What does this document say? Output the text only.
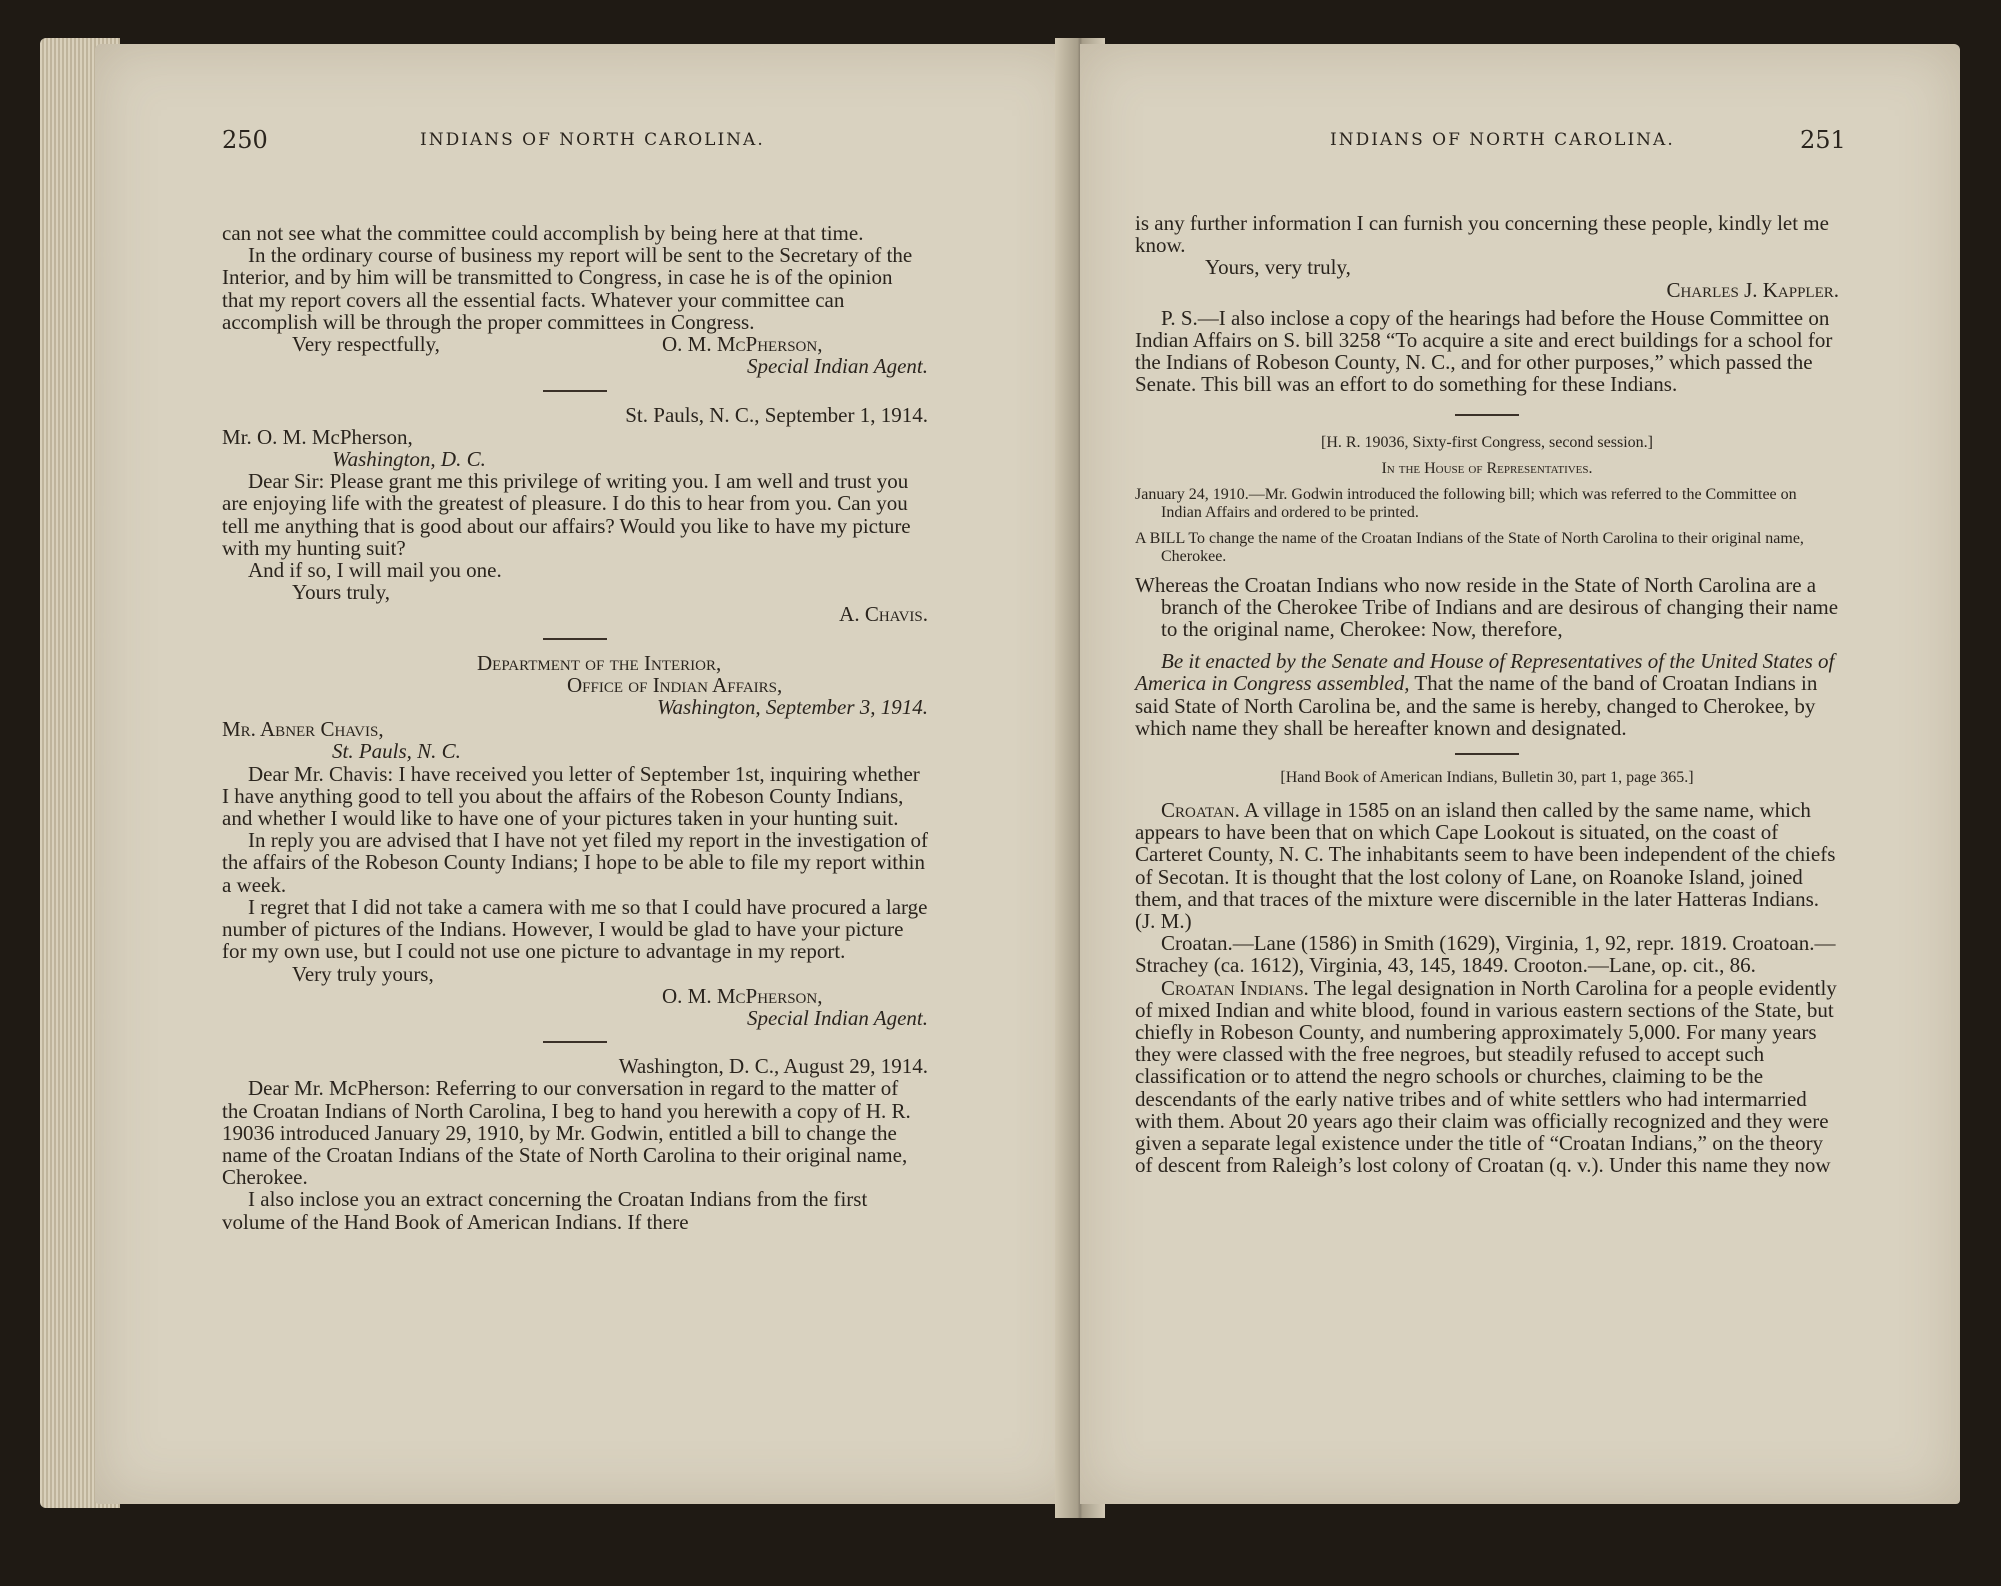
250	INDIANS OF NORTH CAROLINA.

can not see what the committee could accomplish by being here at that time.

In the ordinary course of business my report will be sent to the Secretary of the Interior, and by him will be transmitted to Congress, in case he is of the opinion that my report covers all the essential facts. Whatever your committee can accomplish will be through the proper committees in Congress.

Very respectfully,	O. M. McPherson,

Special Indian Agent.

St. Pauls, N. C., September 1, 1914.

Mr. O. M. McPherson,

Washington, D. C.

Dear Sir: Please grant me this privilege of writing you. I am well and trust you are enjoying life with the greatest of pleasure. I do this to hear from you. Can you tell me anything that is good about our affairs? Would you like to have my picture with my hunting suit?

And if so, I will mail you one.

Yours truly,

A. Chavis.

Department of the Interior,

Office of Indian Affairs,

Washington, September 3, 1914.

Mr. Abner Chavis,

St. Pauls, N. C.

Dear Mr. Chavis: I have received you letter of September 1st, inquiring whether I have anything good to tell you about the affairs of the Robeson County Indians, and whether I would like to have one of your pictures taken in your hunting suit.

In reply you are advised that I have not yet filed my report in the investigation of the affairs of the Robeson County Indians; I hope to be able to file my report within a week.

I regret that I did not take a camera with me so that I could have procured a large number of pictures of the Indians. However, I would be glad to have your picture for my own use, but I could not use one picture to advantage in my report.

Very truly yours,

O. M. McPherson,

Special Indian Agent.

Washington, D. C., August 29, 1914.

Dear Mr. McPherson: Referring to our conversation in regard to the matter of the Croatan Indians of North Carolina, I beg to hand you herewith a copy of H. R. 19036 introduced January 29, 1910, by Mr. Godwin, entitled a bill to change the name of the Croatan Indians of the State of North Carolina to their original name, Cherokee.

I also inclose you an extract concerning the Croatan Indians from the first volume of the Hand Book of American Indians. If there

INDIANS OF NORTH CAROLINA.	251

is any further information I can furnish you concerning these people, kindly let me know.

Yours, very truly,

Charles J. Kappler.

P. S.—I also inclose a copy of the hearings had before the House Committee on Indian Affairs on S. bill 3258 “To acquire a site and erect buildings for a school for the Indians of Robeson County, N. C., and for other purposes,” which passed the Senate. This bill was an effort to do something for these Indians.

[H. R. 19036, Sixty-first Congress, second session.]

In the House of Representatives.

January 24, 1910.—Mr. Godwin introduced the following bill; which was referred to the Committee on Indian Affairs and ordered to be printed.

A BILL To change the name of the Croatan Indians of the State of North Carolina to their original name, Cherokee.

Whereas the Croatan Indians who now reside in the State of North Carolina are a branch of the Cherokee Tribe of Indians and are desirous of changing their name to the original name, Cherokee: Now, therefore,

Be it enacted by the Senate and House of Representatives of the United States of America in Congress assembled, That the name of the band of Croatan Indians in said State of North Carolina be, and the same is hereby, changed to Cherokee, by which name they shall be hereafter known and designated.

[Hand Book of American Indians, Bulletin 30, part 1, page 365.]

Croatan. A village in 1585 on an island then called by the same name, which appears to have been that on which Cape Lookout is situated, on the coast of Carteret County, N. C. The inhabitants seem to have been independent of the chiefs of Secotan. It is thought that the lost colony of Lane, on Roanoke Island, joined them, and that traces of the mixture were discernible in the later Hatteras Indians. (J. M.)

Croatan.—Lane (1586) in Smith (1629), Virginia, 1, 92, repr. 1819. Croatoan.—Strachey (ca. 1612), Virginia, 43, 145, 1849. Crooton.—Lane, op. cit., 86.

Croatan Indians. The legal designation in North Carolina for a people evidently of mixed Indian and white blood, found in various eastern sections of the State, but chiefly in Robeson County, and numbering approximately 5,000. For many years they were classed with the free negroes, but steadily refused to accept such classification or to attend the negro schools or churches, claiming to be the descendants of the early native tribes and of white settlers who had intermarried with them. About 20 years ago their claim was officially recognized and they were given a separate legal existence under the title of “Croatan Indians,” on the theory of descent from Raleigh’s lost colony of Croatan (q. v.). Under this name they now
